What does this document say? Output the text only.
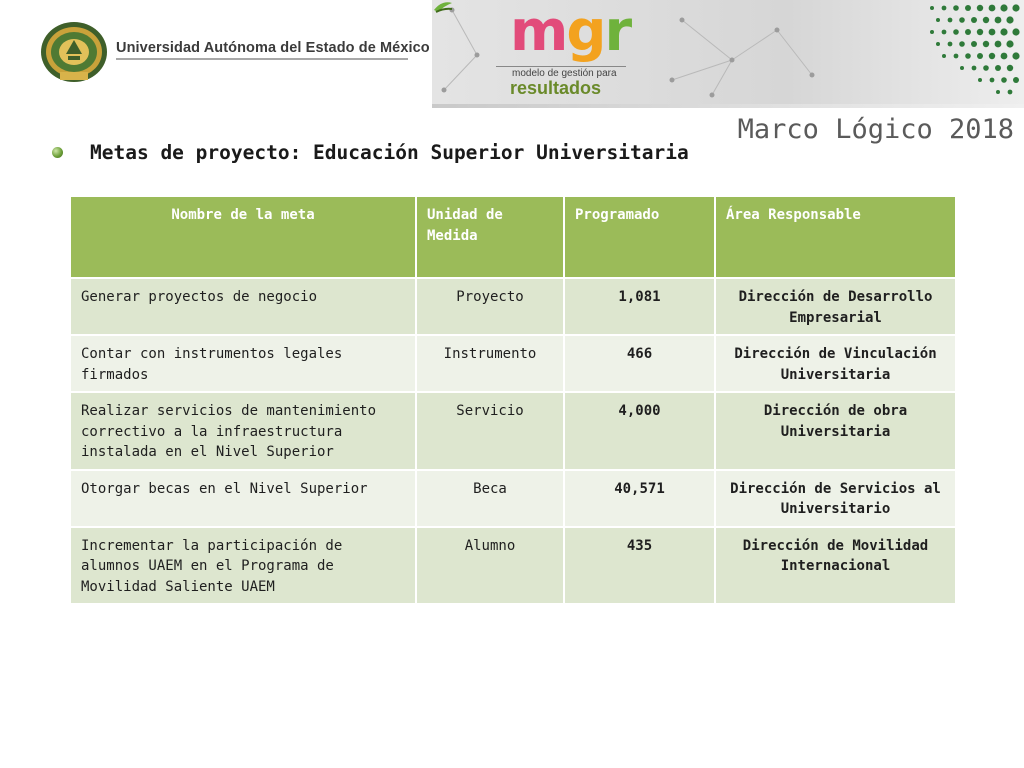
Universidad Autónoma del Estado de México mgr
modelo de gestión para
resultados
Marco Lógico 2018
Metas de proyecto: Educación Superior Universitaria
Nombre de la meta	Unidad de Medida	Programado	Área Responsable
Generar proyectos de negocio	Proyecto	1,081	Dirección de Desarrollo Empresarial
Contar con instrumentos legales firmados	Instrumento	466	Dirección de Vinculación Universitaria
Realizar servicios de mantenimiento correctivo a la infraestructura instalada en el Nivel Superior	Servicio	4,000	Dirección de obra Universitaria
Otorgar becas en el Nivel Superior	Beca	40,571	Dirección de Servicios al Universitario
Incrementar la participación de alumnos UAEM en el Programa de Movilidad Saliente UAEM	Alumno	435	Dirección de Movilidad Internacional
